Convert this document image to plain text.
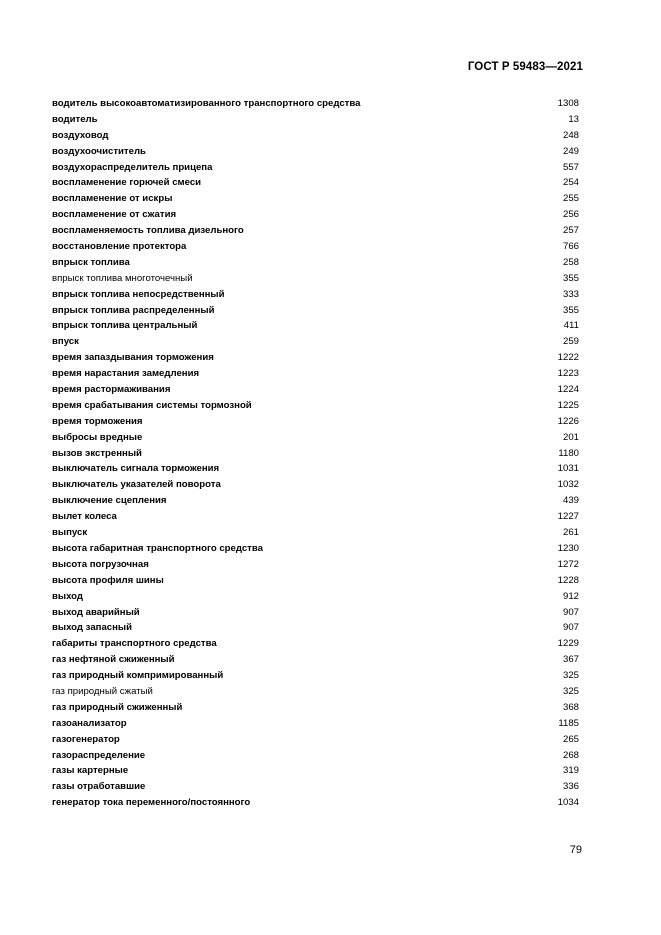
ГОСТ Р 59483—2021
водитель высокоавтоматизированного транспортного средства	1308
водитель	13
воздуховод	248
воздухоочиститель	249
воздухораспределитель прицепа	557
воспламенение горючей смеси	254
воспламенение от искры	255
воспламенение от сжатия	256
воспламеняемость топлива дизельного	257
восстановление протектора	766
впрыск топлива	258
впрыск топлива многоточечный	355
впрыск топлива непосредственный	333
впрыск топлива распределенный	355
впрыск топлива центральный	411
впуск	259
время запаздывания торможения	1222
время нарастания замедления	1223
время растормаживания	1224
время срабатывания системы тормозной	1225
время торможения	1226
выбросы вредные	201
вызов экстренный	1180
выключатель сигнала торможения	1031
выключатель указателей поворота	1032
выключение сцепления	439
вылет колеса	1227
выпуск	261
высота габаритная транспортного средства	1230
высота погрузочная	1272
высота профиля шины	1228
выход	912
выход аварийный	907
выход запасный	907
габариты транспортного средства	1229
газ нефтяной сжиженный	367
газ природный компримированный	325
газ природный сжатый	325
газ природный сжиженный	368
газоанализатор	1185
газогенератор	265
газораспределение	268
газы картерные	319
газы отработавшие	336
генератор тока переменного/постоянного	1034
79
